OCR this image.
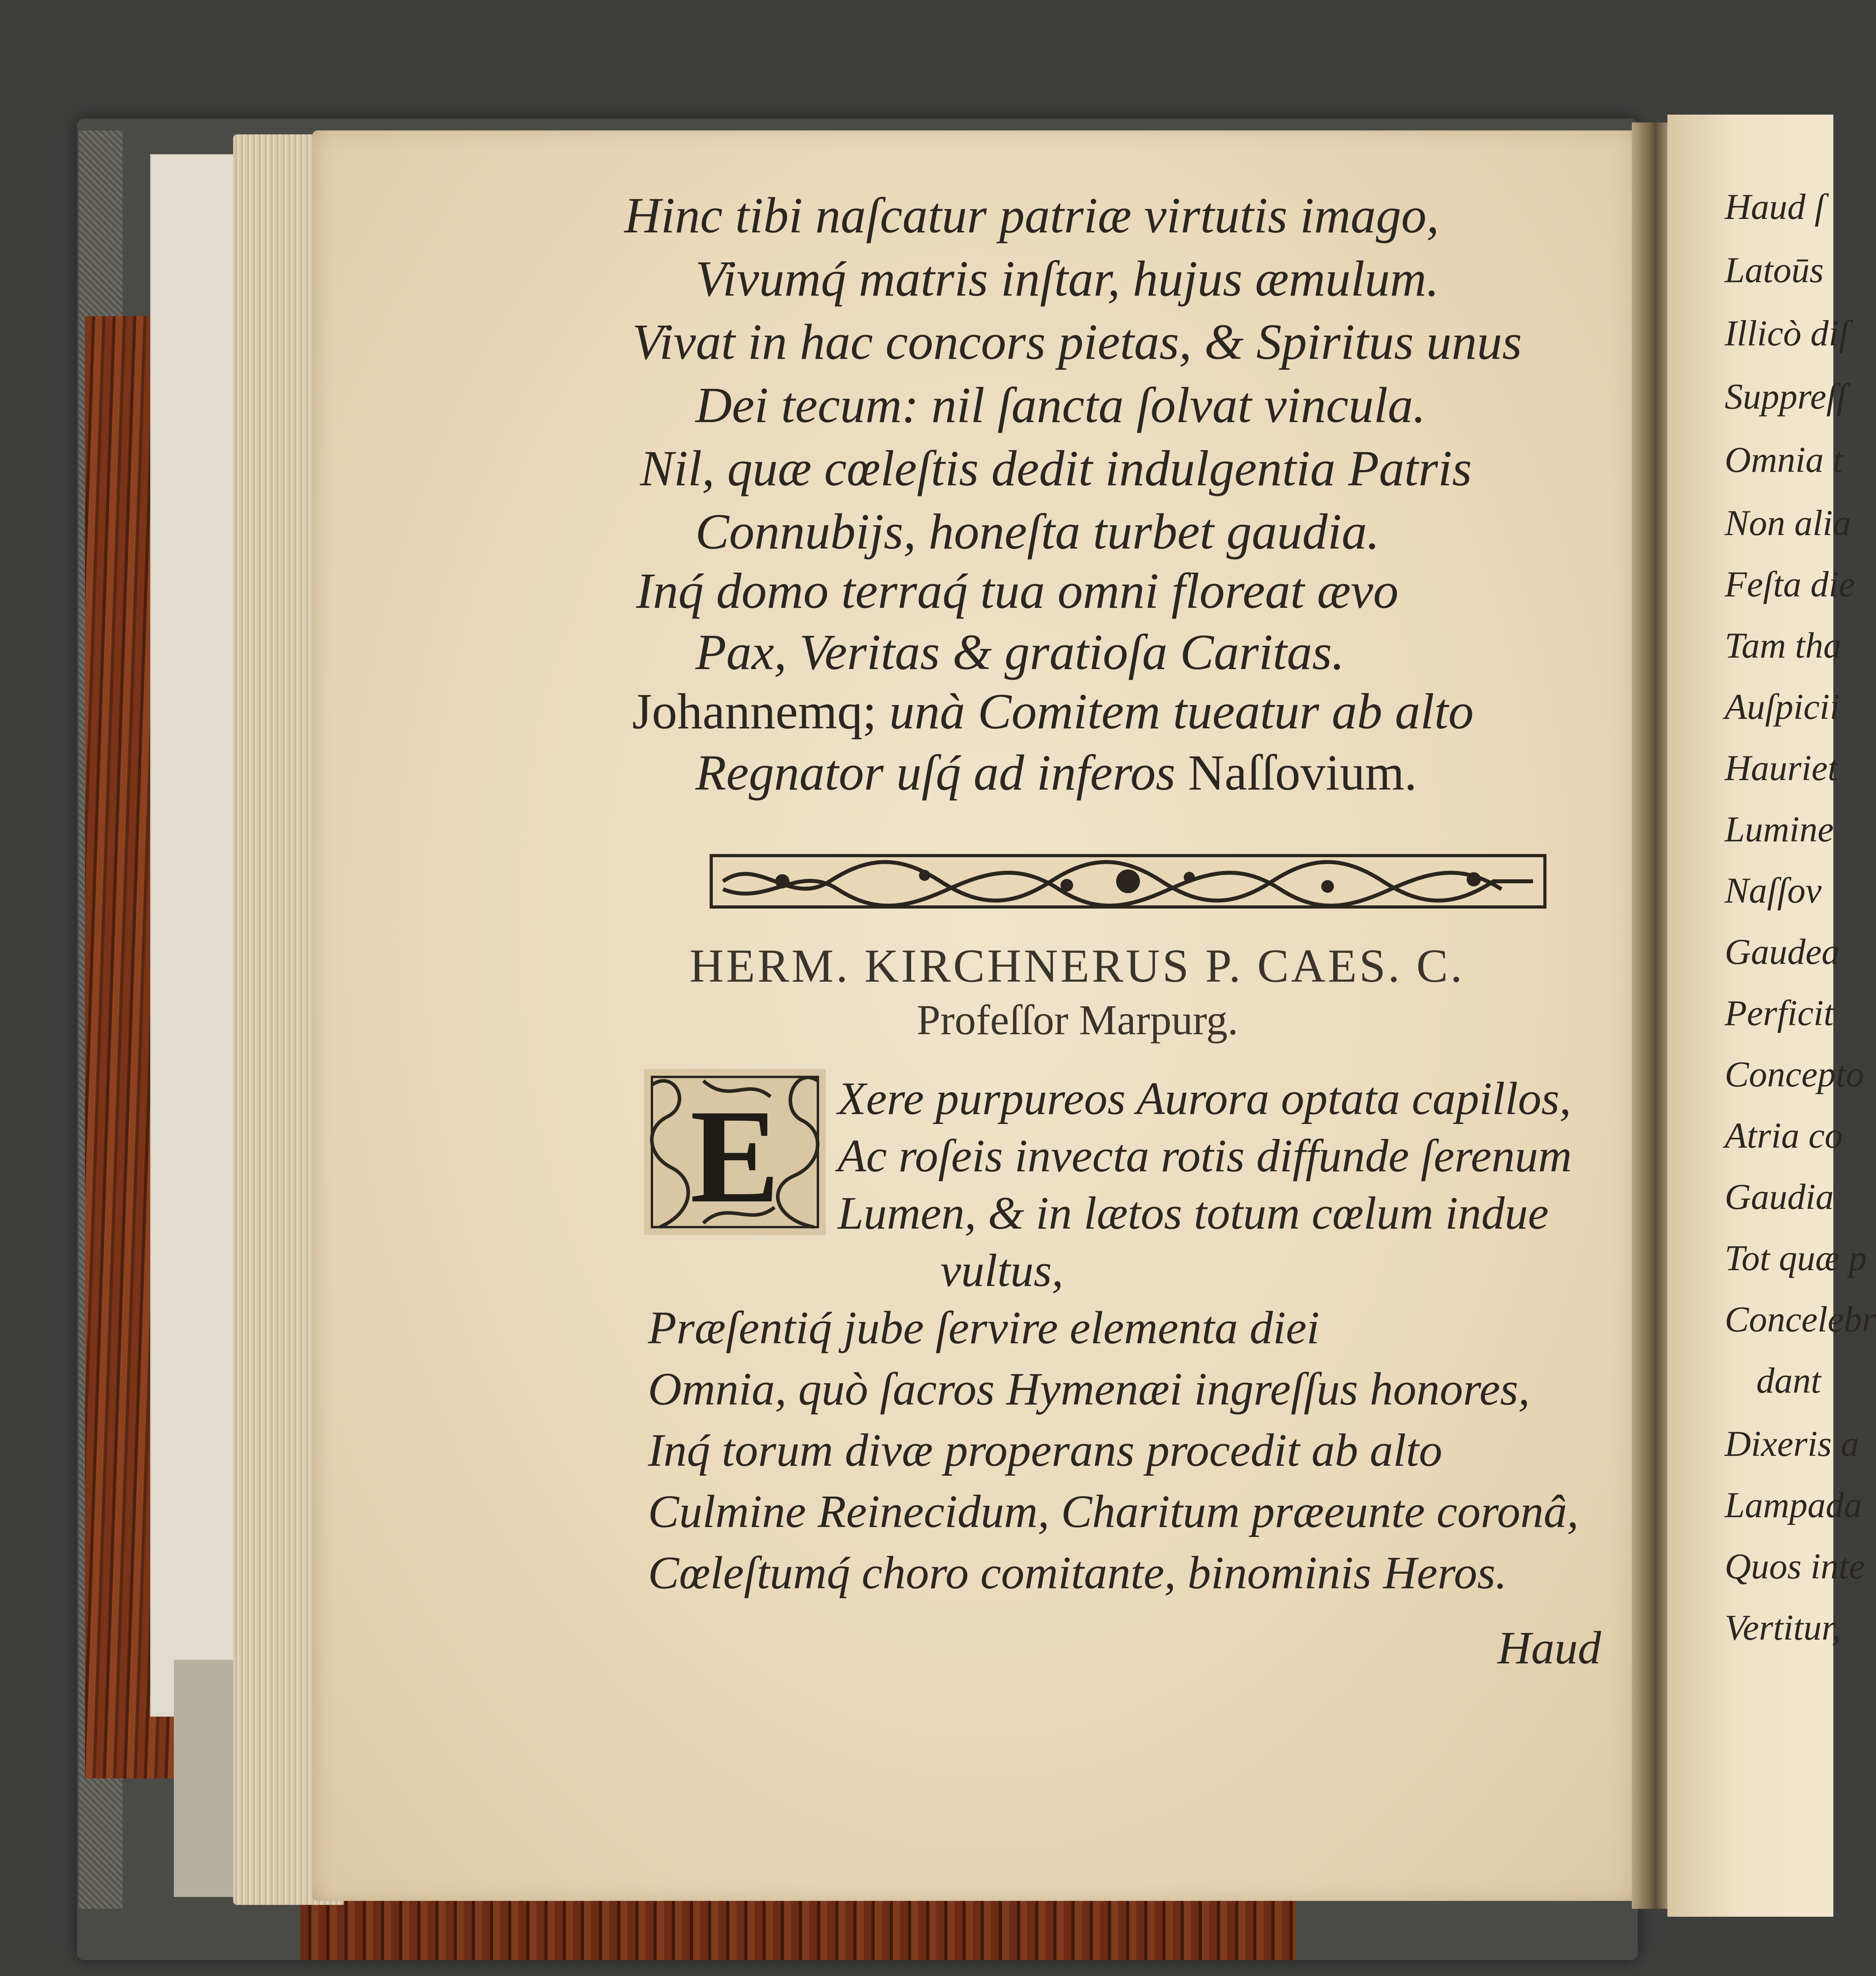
Hinc tibi naſcatur patriæ virtutis imago,
Vivumq́ matris inſtar, hujus æmulum.
Vivat in hac concors pietas, & Spiritus unus
Dei tecum: nil ſancta ſolvat vincula.
Nil, quæ cœleſtis dedit indulgentia Patris
Connubijs, honeſta turbet gaudia.
Inq́ domo terraq́ tua omni floreat ævo
Pax, Veritas & gratioſa Caritas.
Johannemq; unà Comitem tueatur ab alto
Regnator uſq́ ad inferos Naſſovium.
HERM. KIRCHNERUS P. CAES. C.
Profeſſor Marpurg.
E Xere purpureos Aurora optata capillos,
Ac roſeis invecta rotis diffunde ſerenum
Lumen, & in lætos totum cœlum indue
vultus,
Præſentiq́ jube ſervire elementa diei
Omnia, quò ſacros Hymenæi ingreſſus honores,
Inq́ torum divæ properans procedit ab alto
Culmine Reinecidum, Charitum præeunte coronâ,
Cœleſtumq́ choro comitante, binominis Heros.
Haud
Haud ſ
Latoūs
Illicò diſ
Suppreſſ
Omnia t
Non alia
Feſta die
Tam tha
Auſpicii
Hauriet
Lumine
Naſſov
Gaudea
Perficit
Concepto
Atria co
Gaudia
Tot quæ p
Concelebr
dant
Dixeris a
Lampada
Quos inte
Vertitur,
